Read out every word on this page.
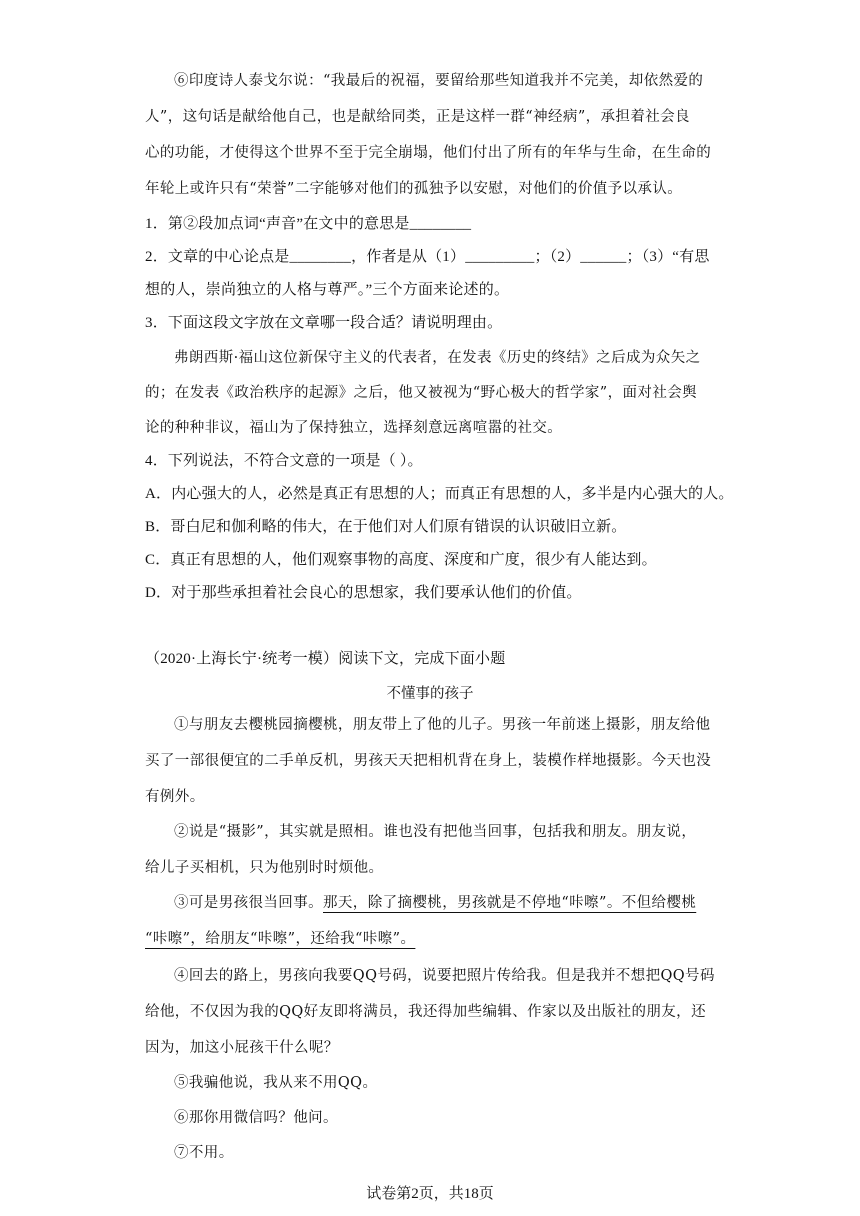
⑥印度诗人泰戈尔说：“我最后的祝福，要留给那些知道我并不完美，却依然爱的
人”，这句话是献给他自己，也是献给同类，正是这样一群“神经病”，承担着社会良
心的功能，才使得这个世界不至于完全崩塌，他们付出了所有的年华与生命，在生命的
年轮上或许只有“荣誉”二字能够对他们的孤独予以安慰，对他们的价值予以承认。
1．第②段加点词“声音”在文中的意思是________
2．文章的中心论点是________，作者是从（1）_________；（2）______；（3）“有思
想的人，崇尚独立的人格与尊严。”三个方面来论述的。
3．下面这段文字放在文章哪一段合适？请说明理由。
弗朗西斯·福山这位新保守主义的代表者，在发表《历史的终结》之后成为众矢之
的；在发表《政治秩序的起源》之后，他又被视为“野心极大的哲学家”，面对社会舆
论的种种非议，福山为了保持独立，选择刻意远离喧嚣的社交。
4．下列说法，不符合文意的一项是（ ）。
A．内心强大的人，必然是真正有思想的人；而真正有思想的人，多半是内心强大的人。
B．哥白尼和伽利略的伟大，在于他们对人们原有错误的认识破旧立新。
C．真正有思想的人，他们观察事物的高度、深度和广度，很少有人能达到。
D．对于那些承担着社会良心的思想家，我们要承认他们的价值。
（2020·上海长宁·统考一模）阅读下文，完成下面小题
不懂事的孩子
①与朋友去樱桃园摘樱桃，朋友带上了他的儿子。男孩一年前迷上摄影，朋友给他
买了一部很便宜的二手单反机，男孩天天把相机背在身上，装模作样地摄影。今天也没
有例外。
②说是“摄影”，其实就是照相。谁也没有把他当回事，包括我和朋友。朋友说，
给儿子买相机，只为他别时时烦他。
③可是男孩很当回事。那天，除了摘樱桃，男孩就是不停地“咔嚓”。不但给樱桃
“咔嚓”，给朋友“咔嚓”，还给我“咔嚓”。
④回去的路上，男孩向我要QQ号码，说要把照片传给我。但是我并不想把QQ号码
给他，不仅因为我的QQ好友即将满员，我还得加些编辑、作家以及出版社的朋友，还
因为，加这小屁孩干什么呢？
⑤我骗他说，我从来不用QQ。
⑥那你用微信吗？他问。
⑦不用。
试卷第2页，共18页
